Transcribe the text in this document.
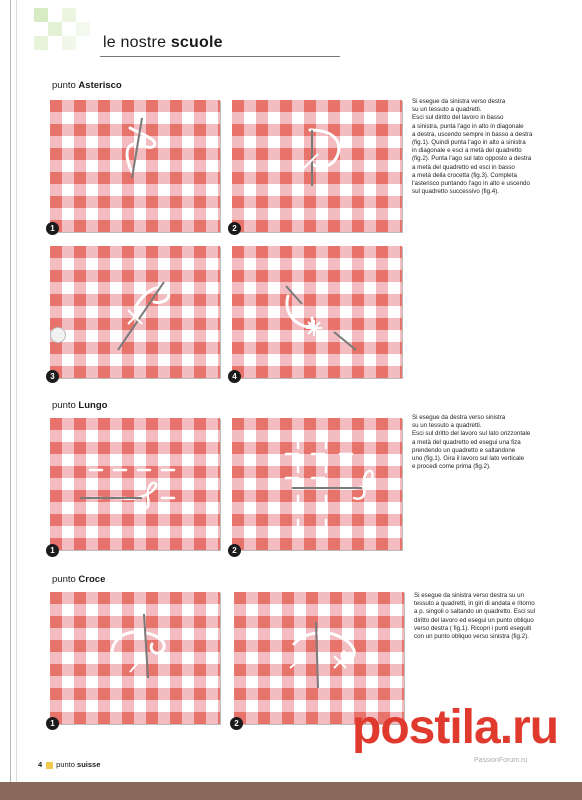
le nostre scuole
punto Asterisco
Si esegue da sinistra verso destra
su un tessuto a quadretti.
Esci sul diritto del lavoro in basso
a sinistra, punta l'ago in alto in diagonale
a destra, uscendo sempre in basso a destra
(fig.1). Quindi punta l'ago in alto a sinistra
in diagonale e esci a metà del quadretto
(fig.2). Punta l'ago sul lato opposto a destra
a metà del quadretto ed esci in basso
a metà della crocetta (fig.3). Completa
l'asterisco puntando l'ago in alto e uscendo
sul quadretto successivo (fig.4).
1	2
3	4
punto Lungo
Si esegue da destra verso sinistra
su un tessuto a quadretti.
Esci sul dritto del lavoro sul lato orizzontale
a metà del quadretto ed esegui una fiza
prendendo un quadretto e saltandone
uno (fig.1). Gira il lavoro sul lato verticale
e procedi come prima (fig.2).
1	2
punto Croce
Si esegue da sinistra verso destra su un
tessuto a quadretti, in giri di andata e ritorno
a p. singoli o saltando un quadretto. Esci sul
diritto del lavoro ed esegui un punto obliquo
verso destra ( fig.1). Ricopri i punti eseguiti
con un punto obliquo verso sinistra (fig.2).
1	2
4 punto suisse
postila.ru
PassionForum.ru
